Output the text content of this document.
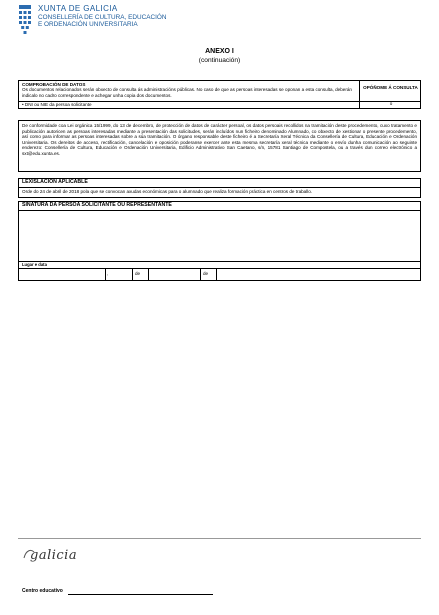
XUNTA DE GALICIA
CONSELLERÍA DE CULTURA, EDUCACIÓN
E ORDENACIÓN UNIVERSITARIA
ANEXO I
(continuación)
COMPROBACIÓN DE DATOS
Os documentos relacionados serán obxecto de consulta ás administracións públicas. No caso de que as persoas interesadas se oponan a esta consulta, deberán indicalo no cadro correspondente e achegar unha copia dos documentos.
OPÓÑOME Á CONSULTA
• DNI ou NIE da persoa solicitante	o
De conformidade coa Lei orgánica 15/1999, do 13 de decembro, de protección de datos de carácter persoal, os datos persoais recollidos na tramitación deste procedemento, cuxo tratamento e publicación autoricen as persoas interesadas mediante a presentación das solicitudes, serán incluídos nun ficheiro denominado Alumnado, co obxecto de xestionar o presente procedemento, así como para informar as persoas interesadas sobre a súa tramitación. O órgano responsable deste ficheiro é a Secretaría Xeral Técnica da Consellería de Cultura, Educación e Ordenación Universitaria. Os dereitos de acceso, rectificación, cancelación e oposición poderanse exercer ante esta mesma secretaría xeral técnica mediante o envío dunha comunicación ao seguinte enderezo: Consellería de Cultura, Educación e Ordenación Universitaria, Edificio Administrativo San Caetano, s/n, 15781 Santiago de Compostela, ou a través dun correo electrónico a sxt@edu.xunta.es.
LEXISLACIÓN APLICABLE
Orde do 24 de abril de 2018 pola que se convocan axudas económicas para o alumnado que realiza formación práctica en centros de traballo.
SINATURA DA PERSOA SOLICITANTE OU REPRESENTANTE
Lugar e data
,	de	de
galicia
Centro educativo
